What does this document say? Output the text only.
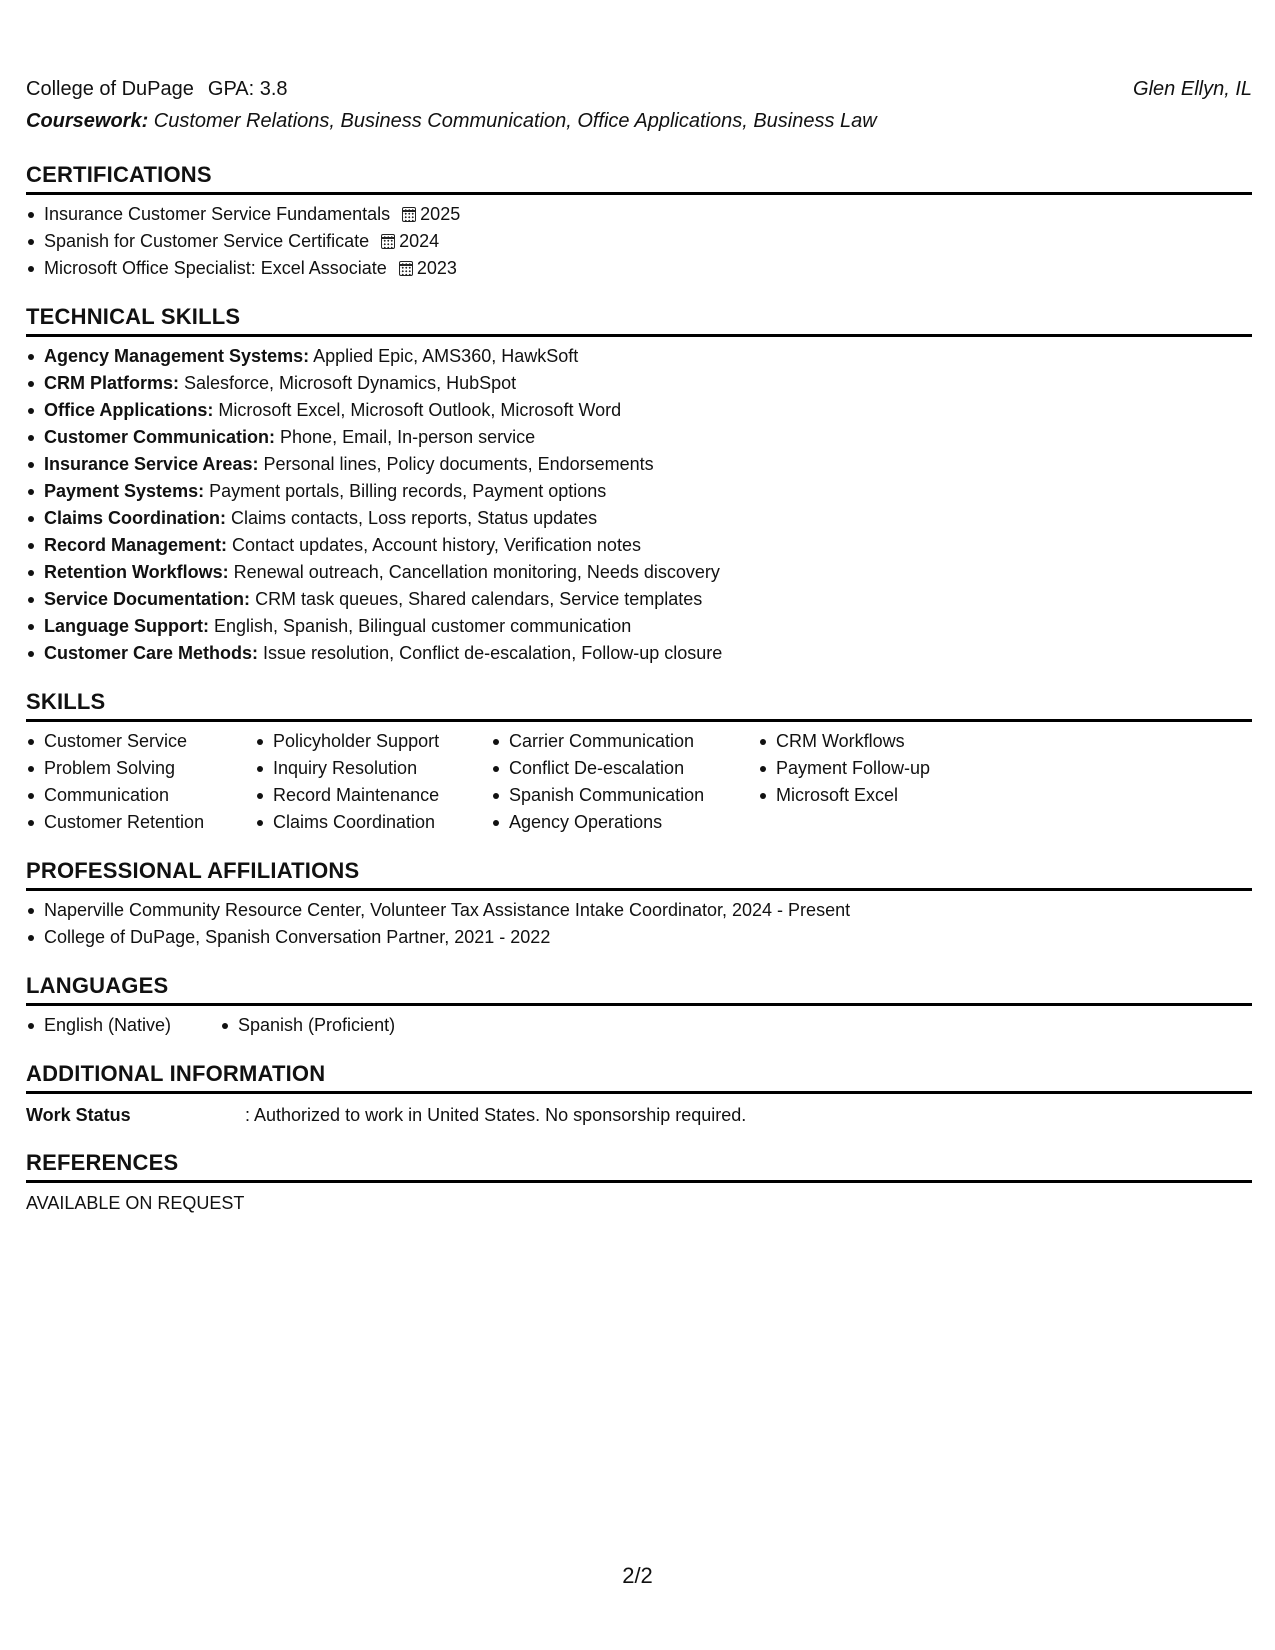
College of DuPage GPA: 3.8	Glen Ellyn, IL
Coursework: Customer Relations, Business Communication, Office Applications, Business Law
CERTIFICATIONS
Insurance Customer Service Fundamentals 2025
Spanish for Customer Service Certificate 2024
Microsoft Office Specialist: Excel Associate 2023
TECHNICAL SKILLS
Agency Management Systems: Applied Epic, AMS360, HawkSoft
CRM Platforms: Salesforce, Microsoft Dynamics, HubSpot
Office Applications: Microsoft Excel, Microsoft Outlook, Microsoft Word
Customer Communication: Phone, Email, In-person service
Insurance Service Areas: Personal lines, Policy documents, Endorsements
Payment Systems: Payment portals, Billing records, Payment options
Claims Coordination: Claims contacts, Loss reports, Status updates
Record Management: Contact updates, Account history, Verification notes
Retention Workflows: Renewal outreach, Cancellation monitoring, Needs discovery
Service Documentation: CRM task queues, Shared calendars, Service templates
Language Support: English, Spanish, Bilingual customer communication
Customer Care Methods: Issue resolution, Conflict de-escalation, Follow-up closure
SKILLS
Customer Service
Problem Solving
Communication
Customer Retention
Policyholder Support
Inquiry Resolution
Record Maintenance
Claims Coordination
Carrier Communication
Conflict De-escalation
Spanish Communication
Agency Operations
CRM Workflows
Payment Follow-up
Microsoft Excel
PROFESSIONAL AFFILIATIONS
Naperville Community Resource Center, Volunteer Tax Assistance Intake Coordinator, 2024 - Present
College of DuPage, Spanish Conversation Partner, 2021 - 2022
LANGUAGES
English (Native)	Spanish (Proficient)
ADDITIONAL INFORMATION
Work Status	: Authorized to work in United States. No sponsorship required.
REFERENCES
AVAILABLE ON REQUEST
2/2
